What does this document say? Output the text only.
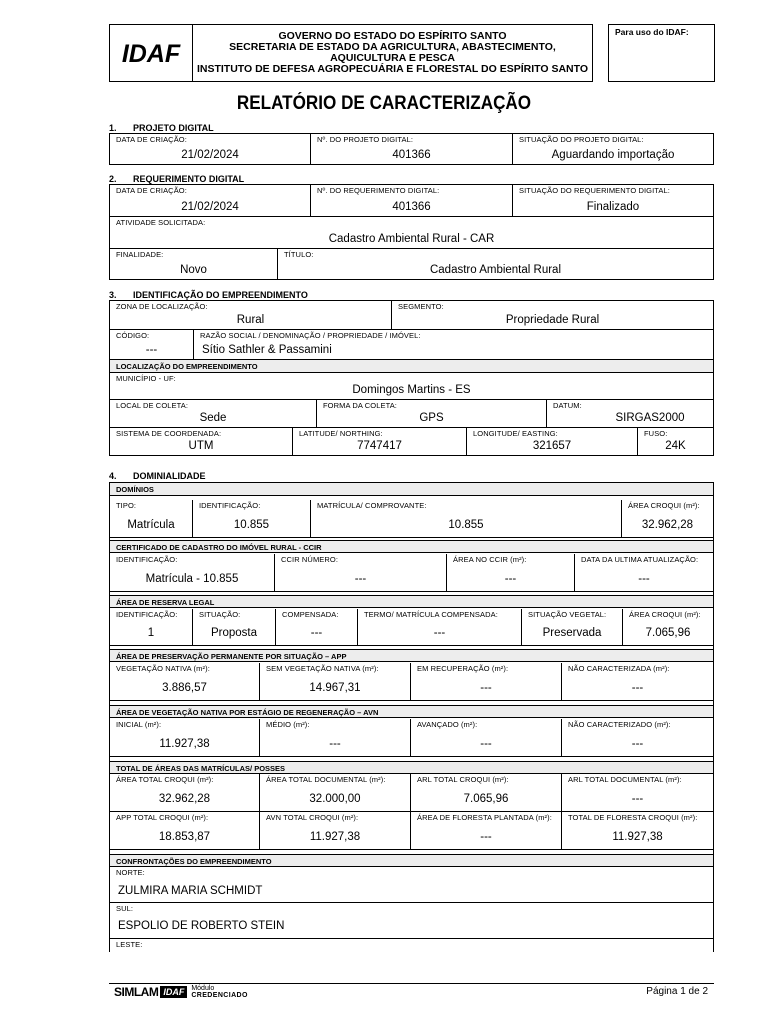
IDAF
GOVERNO DO ESTADO DO ESPÍRITO SANTO
SECRETARIA DE ESTADO DA AGRICULTURA, ABASTECIMENTO,
AQUICULTURA E PESCA
INSTITUTO DE DEFESA AGROPECUÁRIA E FLORESTAL DO ESPÍRITO SANTO
Para uso do IDAF:
RELATÓRIO DE CARACTERIZAÇÃO
1. PROJETO DIGITAL
DATA DE CRIAÇÃO:
21/02/2024
Nº. DO PROJETO DIGITAL:
401366
SITUAÇÃO DO PROJETO DIGITAL:
Aguardando importação
2. REQUERIMENTO DIGITAL
DATA DE CRIAÇÃO:
21/02/2024
Nº. DO REQUERIMENTO DIGITAL:
401366
SITUAÇÃO DO REQUERIMENTO DIGITAL:
Finalizado
ATIVIDADE SOLICITADA:
Cadastro Ambiental Rural - CAR
FINALIDADE:
Novo
TÍTULO:
Cadastro Ambiental Rural
3. IDENTIFICAÇÃO DO EMPREENDIMENTO
ZONA DE LOCALIZAÇÃO:
Rural
SEGMENTO:
Propriedade Rural
CÓDIGO:
---
RAZÃO SOCIAL / DENOMINAÇÃO / PROPRIEDADE / IMÓVEL:
Sítio Sathler & Passamini
LOCALIZAÇÃO DO EMPREENDIMENTO
MUNICÍPIO - UF:
Domingos Martins - ES
LOCAL DE COLETA:
Sede
FORMA DA COLETA:
GPS
DATUM:
SIRGAS2000
SISTEMA DE COORDENADA:
UTM
LATITUDE/ NORTHING:
7747417
LONGITUDE/ EASTING:
321657
FUSO:
24K
4. DOMINIALIDADE
DOMÍNIOS
TIPO:
Matrícula
IDENTIFICAÇÃO:
10.855
MATRÍCULA/ COMPROVANTE:
10.855
ÁREA CROQUI (m²):
32.962,28
CERTIFICADO DE CADASTRO DO IMÓVEL RURAL - CCIR
IDENTIFICAÇÃO:
Matrícula - 10.855
CCIR NÚMERO:
---
ÁREA NO CCIR (m²):
---
DATA DA ULTIMA ATUALIZAÇÃO:
---
ÁREA DE RESERVA LEGAL
IDENTIFICAÇÃO:
1
SITUAÇÃO:
Proposta
COMPENSADA:
---
TERMO/ MATRÍCULA COMPENSADA:
---
SITUAÇÃO VEGETAL:
Preservada
ÁREA CROQUI (m²):
7.065,96
ÁREA DE PRESERVAÇÃO PERMANENTE POR SITUAÇÃO – APP
VEGETAÇÃO NATIVA (m²):
3.886,57
SEM VEGETAÇÃO NATIVA (m²):
14.967,31
EM RECUPERAÇÃO (m²):
---
NÃO CARACTERIZADA (m²):
---
ÁREA DE VEGETAÇÃO NATIVA POR ESTÁGIO DE REGENERAÇÃO – AVN
INICIAL (m²):
11.927,38
MÉDIO (m²):
---
AVANÇADO (m²):
---
NÃO CARACTERIZADO (m²):
---
TOTAL DE ÁREAS DAS MATRÍCULAS/ POSSES
ÁREA TOTAL CROQUI (m²):
32.962,28
ÁREA TOTAL DOCUMENTAL (m²):
32.000,00
ARL TOTAL CROQUI (m²):
7.065,96
ARL TOTAL DOCUMENTAL (m²):
---
APP TOTAL CROQUI (m²):
18.853,87
AVN TOTAL CROQUI (m²):
11.927,38
ÁREA DE FLORESTA PLANTADA (m²):
---
TOTAL DE FLORESTA CROQUI (m²):
11.927,38
CONFRONTAÇÕES DO EMPREENDIMENTO
NORTE:
ZULMIRA MARIA SCHMIDT
SUL:
ESPOLIO DE ROBERTO STEIN
LESTE:
SIMLAM IDAF	Módulo
CREDENCIADO	Página 1 de 2
